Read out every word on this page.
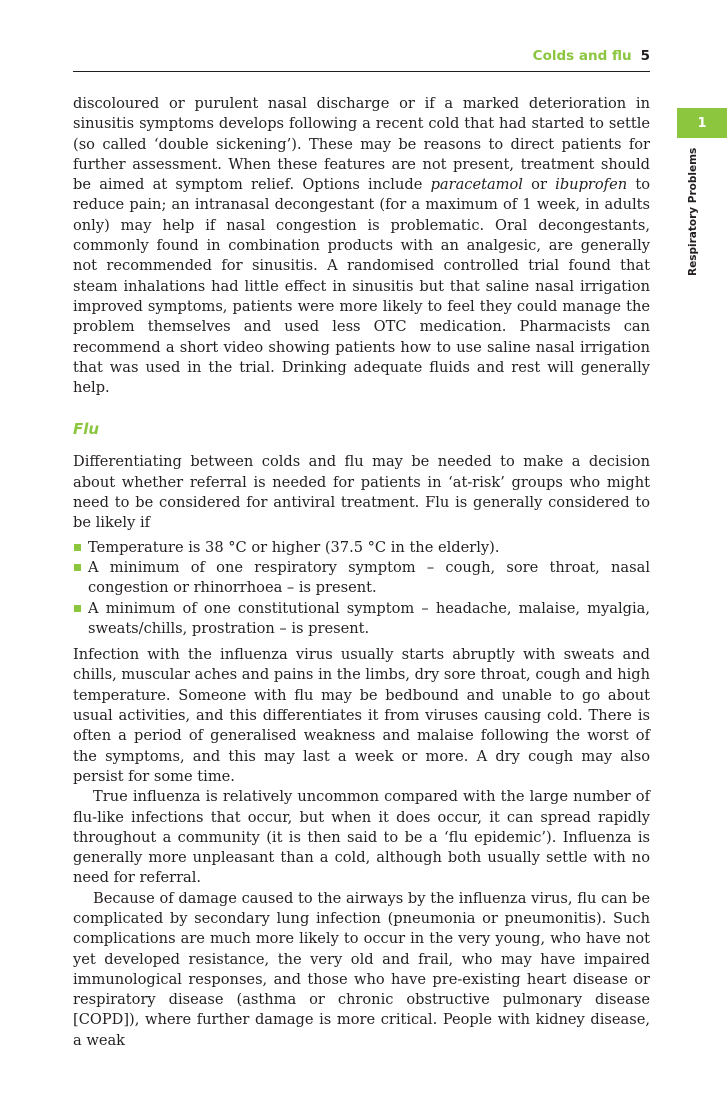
Colds and flu 5
1
Respiratory Problems

discoloured or purulent nasal discharge or if a marked deterioration in sinusitis symptoms develops following a recent cold that had started to settle (so called ‘double sickening’). These may be reasons to direct patients for further assessment. When these features are not present, treatment should be aimed at symptom relief. Options include paracetamol or ibuprofen to reduce pain; an intranasal decongestant (for a maximum of 1 week, in adults only) may help if nasal congestion is problematic. Oral decongestants, commonly found in combination products with an analgesic, are generally not recommended for sinusitis. A randomised controlled trial found that steam inhalations had little effect in sinusitis but that saline nasal irrigation improved symptoms, patients were more likely to feel they could manage the problem themselves and used less OTC medication. Pharmacists can recommend a short video showing patients how to use saline nasal irrigation that was used in the trial. Drinking adequate fluids and rest will generally help.

Flu

Differentiating between colds and flu may be needed to make a decision about whether referral is needed for patients in ‘at-risk’ groups who might need to be considered for antiviral treatment. Flu is generally considered to be likely if

Temperature is 38 °C or higher (37.5 °C in the elderly).
A minimum of one respiratory symptom – cough, sore throat, nasal congestion or rhinorrhoea – is present.
A minimum of one constitutional symptom – headache, malaise, myalgia, sweats/chills, prostration – is present.

Infection with the influenza virus usually starts abruptly with sweats and chills, muscular aches and pains in the limbs, dry sore throat, cough and high temperature. Someone with flu may be bedbound and unable to go about usual activities, and this differentiates it from viruses causing cold. There is often a period of generalised weakness and malaise following the worst of the symptoms, and this may last a week or more. A dry cough may also persist for some time.

True influenza is relatively uncommon compared with the large number of flu-like infections that occur, but when it does occur, it can spread rapidly throughout a community (it is then said to be a ‘flu epidemic’). Influenza is generally more unpleasant than a cold, although both usually settle with no need for referral.

Because of damage caused to the airways by the influenza virus, flu can be complicated by secondary lung infection (pneumonia or pneumonitis). Such complications are much more likely to occur in the very young, who have not yet developed resistance, the very old and frail, who may have impaired immunological responses, and those who have pre-existing heart disease or respiratory disease (asthma or chronic obstructive pulmonary disease [COPD]), where further damage is more critical. People with kidney disease, a weak
